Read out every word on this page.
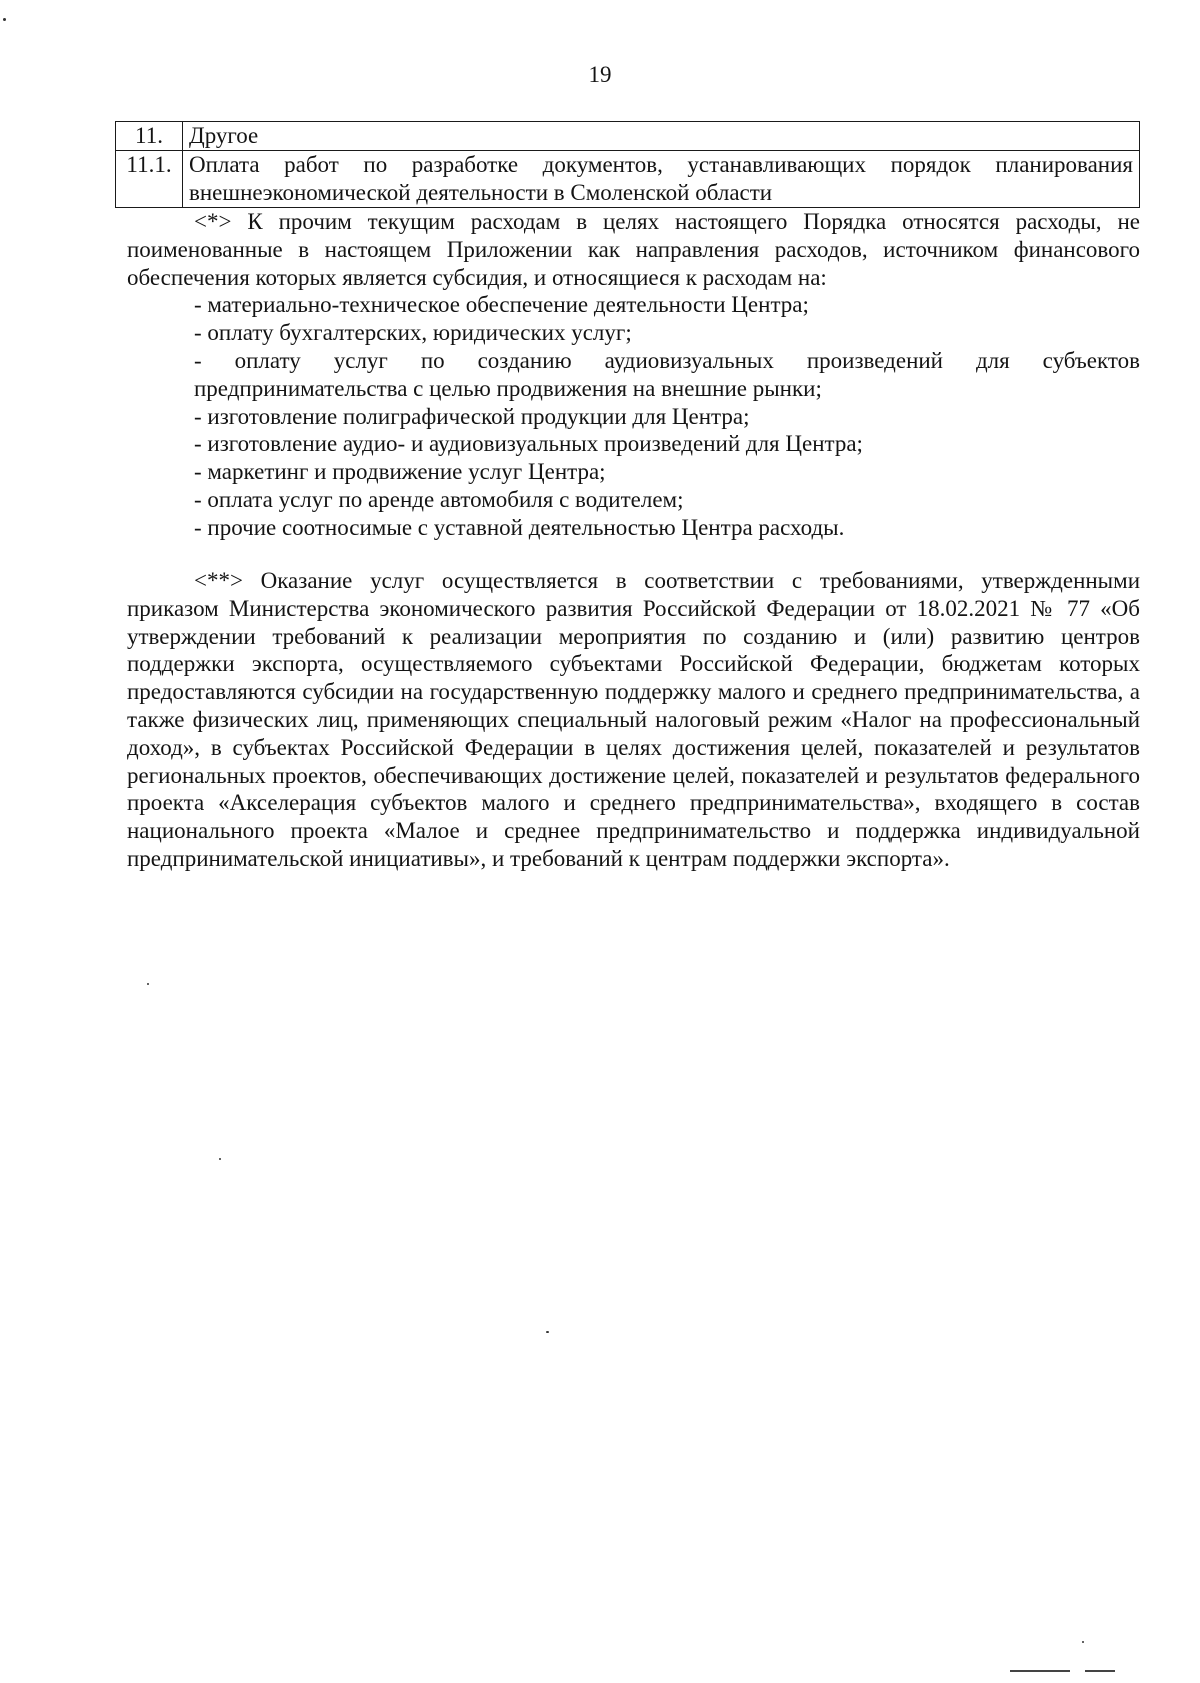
19
11.	Другое
11.1.	Оплата работ по разработке документов, устанавливающих порядок планирования внешнеэкономической деятельности в Смоленской области

<*> К прочим текущим расходам в целях настоящего Порядка относятся расходы, не поименованные в настоящем Приложении как направления расходов, источником финансового обеспечения которых является субсидия, и относящиеся к расходам на:

- материально-техническое обеспечение деятельности Центра;

- оплату бухгалтерских, юридических услуг;

- оплату услуг по созданию аудиовизуальных произведений для субъектов предпринимательства с целью продвижения на внешние рынки;

- изготовление полиграфической продукции для Центра;

- изготовление аудио- и аудиовизуальных произведений для Центра;

- маркетинг и продвижение услуг Центра;

- оплата услуг по аренде автомобиля с водителем;

- прочие соотносимые с уставной деятельностью Центра расходы.

<**> Оказание услуг осуществляется в соответствии с требованиями, утвержденными приказом Министерства экономического развития Российской Федерации от 18.02.2021 № 77 «Об утверждении требований к реализации мероприятия по созданию и (или) развитию центров поддержки экспорта, осуществляемого субъектами Российской Федерации, бюджетам которых предоставляются субсидии на государственную поддержку малого и среднего предпринимательства, а также физических лиц, применяющих специальный налоговый режим «Налог на профессиональный доход», в субъектах Российской Федерации в целях достижения целей, показателей и результатов региональных проектов, обеспечивающих достижение целей, показателей и результатов федерального проекта «Акселерация субъектов малого и среднего предпринимательства», входящего в состав национального проекта «Малое и среднее предпринимательство и поддержка индивидуальной предпринимательской инициативы», и требований к центрам поддержки экспорта».
